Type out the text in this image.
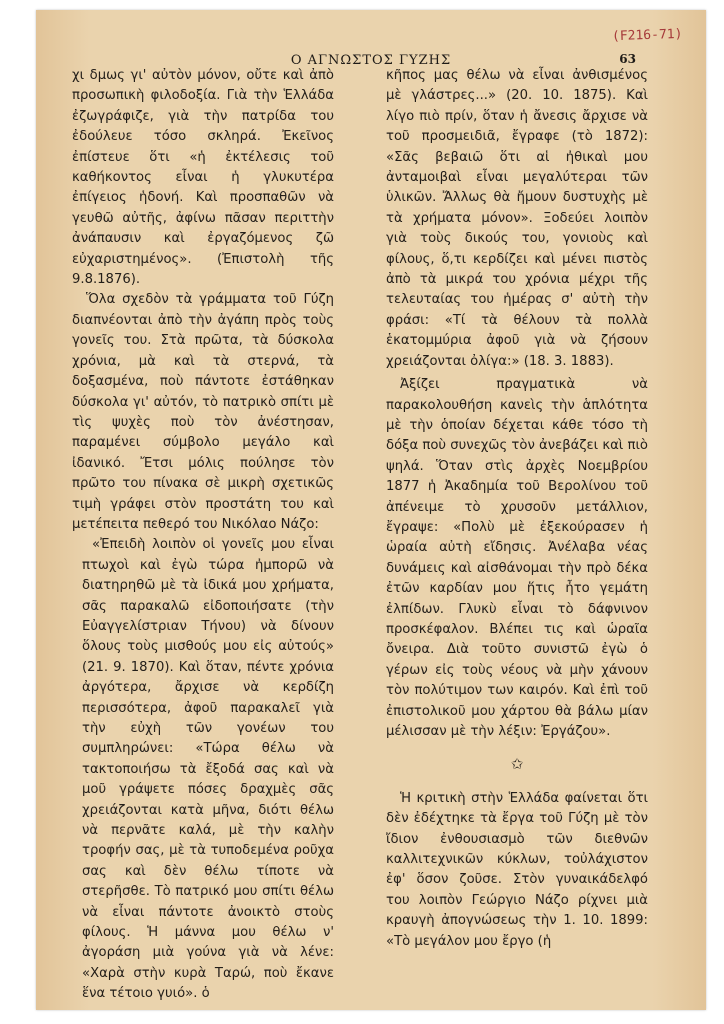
(F216-71)
Ο ΑΓΝΩΣΤΟΣ ΓΥΖΗΣ	63

χι δμως γι' αὐτὸν μόνον, οὔτε καὶ ἀπὸ προσωπικὴ φιλοδοξία. Γιὰ τὴν Ἑλλάδα ἐζωγράφιζε, γιὰ τὴν πατρίδα του ἐδούλευε τόσο σκληρά. Ἐκεῖνος ἐπίστευε ὅτι «ἡ ἐκτέλεσις τοῦ καθήκοντος εἶναι ἡ γλυκυτέρα ἐπίγειος ἡδονή. Καὶ προσπαθῶν νὰ γευθῶ αὐτῆς, ἀφίνω πᾶσαν περιττὴν ἀνάπαυσιν καὶ ἐργαζόμενος ζῶ εὐχαριστημένος». (Ἐπιστολὴ τῆς 9.8.1876).

Ὅλα σχεδὸν τὰ γράμματα τοῦ Γύζη διαπνέονται ἀπὸ τὴν ἀγάπη πρὸς τοὺς γονεῖς του. Στὰ πρῶτα, τὰ δύσκολα χρόνια, μὰ καὶ τὰ στερνά, τὰ δοξασμένα, ποὺ πάντοτε ἐστάθηκαν δύσκολα γι' αὐτόν, τὸ πατρικὸ σπίτι μὲ τὶς ψυχὲς ποὺ τὸν ἀνέστησαν, παραμένει σύμβολο μεγάλο καὶ ἰδανικό. Ἔτσι μόλις πούλησε τὸν πρῶτο του πίνακα σὲ μικρὴ σχετικῶς τιμὴ γράφει στὸν προστάτη του καὶ μετέπειτα πεθερό του Νικόλαο Νάζο:

«Ἐπειδὴ λοιπὸν οἱ γονεῖς μου εἶναι πτωχοὶ καὶ ἐγὼ τώρα ἠμπορῶ νὰ διατηρηθῶ μὲ τὰ ἰδικά μου χρήματα, σᾶς παρακαλῶ εἰδοποιήσατε (τὴν Εὐαγγελίστριαν Τήνου) νὰ δίνουν ὅλους τοὺς μισθούς μου εἰς αὐτούς» (21. 9. 1870). Καὶ ὅταν, πέντε χρόνια ἀργότερα, ἄρχισε νὰ κερδίζη περισσότερα, ἀφοῦ παρακαλεῖ γιὰ τὴν εὐχὴ τῶν γονέων του συμπληρώνει: «Τώρα θέλω νὰ τακτοποιήσω τὰ ἔξοδά σας καὶ νὰ μοῦ γράψετε πόσες δραχμὲς σᾶς χρειάζονται κατὰ μῆνα, διότι θέλω νὰ περνᾶτε καλά, μὲ τὴν καλὴν τροφήν σας, μὲ τὰ τυποδεμένα ροῦχα σας καὶ δὲν θέλω τίποτε νὰ στερῆσθε. Τὸ πατρικό μου σπίτι θέλω νὰ εἶναι πάντοτε ἀνοικτὸ στοὺς φίλους. Ἡ μάννα μου θέλω ν' ἀγοράση μιὰ γούνα γιὰ νὰ λένε: «Χαρὰ στὴν κυρὰ Ταρώ, ποὺ ἔκανε ἕνα τέτοιο γυιό». ὁ

κῆπος μας θέλω νὰ εἶναι ἀνθισμένος μὲ γλάστρες...» (20. 10. 1875). Καὶ λίγο πιὸ πρίν, ὅταν ἡ ἄνεσις ἄρχισε νὰ τοῦ προσμειδιᾶ, ἔγραφε (τὸ 1872): «Σᾶς βεβαιῶ ὅτι αἱ ἠθικαὶ μου ἀνταμοιβαὶ εἶναι μεγαλύτεραι τῶν ὑλικῶν. Ἄλλως θὰ ἤμουν δυστυχὴς μὲ τὰ χρήματα μόνον». Ξοδεύει λοιπὸν γιὰ τοὺς δικούς του, γονιοὺς καὶ φίλους, ὅ,τι κερδίζει καὶ μένει πιστὸς ἀπὸ τὰ μικρά του χρόνια μέχρι τῆς τελευταίας του ἡμέρας σ' αὐτὴ τὴν φράσι: «Τί τὰ θέλουν τὰ πολλὰ ἑκατομμύρια ἀφοῦ γιὰ νὰ ζήσουν χρειάζονται ὀλίγα:» (18. 3. 1883).

Ἀξίζει πραγματικὰ νὰ παρακολουθήση κανεὶς τὴν ἁπλότητα μὲ τὴν ὁποίαν δέχεται κάθε τόσο τὴ δόξα ποὺ συνεχῶς τὸν ἀνεβάζει καὶ πιὸ ψηλά. Ὅταν στὶς ἀρχὲς Νοεμβρίου 1877 ἡ Ἀκαδημία τοῦ Βερολίνου τοῦ ἀπένειμε τὸ χρυσοῦν μετάλλιον, ἔγραψε: «Πολὺ μὲ ἐξεκούρασεν ἡ ὡραία αὐτὴ εἴδησις. Ἀνέλαβα νέας δυνάμεις καὶ αἰσθάνομαι τὴν πρὸ δέκα ἐτῶν καρδίαν μου ἥτις ἦτο γεμάτη ἐλπίδων. Γλυκὺ εἶναι τὸ δάφνινον προσκέφαλον. Βλέπει τις καὶ ὡραῖα ὄνειρα. Διὰ τοῦτο συνιστῶ ἐγὼ ὁ γέρων εἰς τοὺς νέους νὰ μὴν χάνουν τὸν πολύτιμον των καιρόν. Καὶ ἐπὶ τοῦ ἐπιστολικοῦ μου χάρτου θὰ βάλω μίαν μέλισσαν μὲ τὴν λέξιν: Ἐργάζου».

✩

Ἡ κριτικὴ στὴν Ἑλλάδα φαίνεται ὅτι δὲν ἐδέχτηκε τὰ ἔργα τοῦ Γύζη μὲ τὸν ἴδιον ἐνθουσιασμὸ τῶν διεθνῶν καλλιτεχνικῶν κύκλων, τοὐλάχιστον ἐφ' ὅσον ζοῦσε. Στὸν γυναικάδελφό του λοιπὸν Γεώργιο Νάζο ρίχνει μιὰ κραυγὴ ἀπογνώσεως τὴν 1. 10. 1899: «Τὸ μεγάλον μου ἔργο (ἡ
